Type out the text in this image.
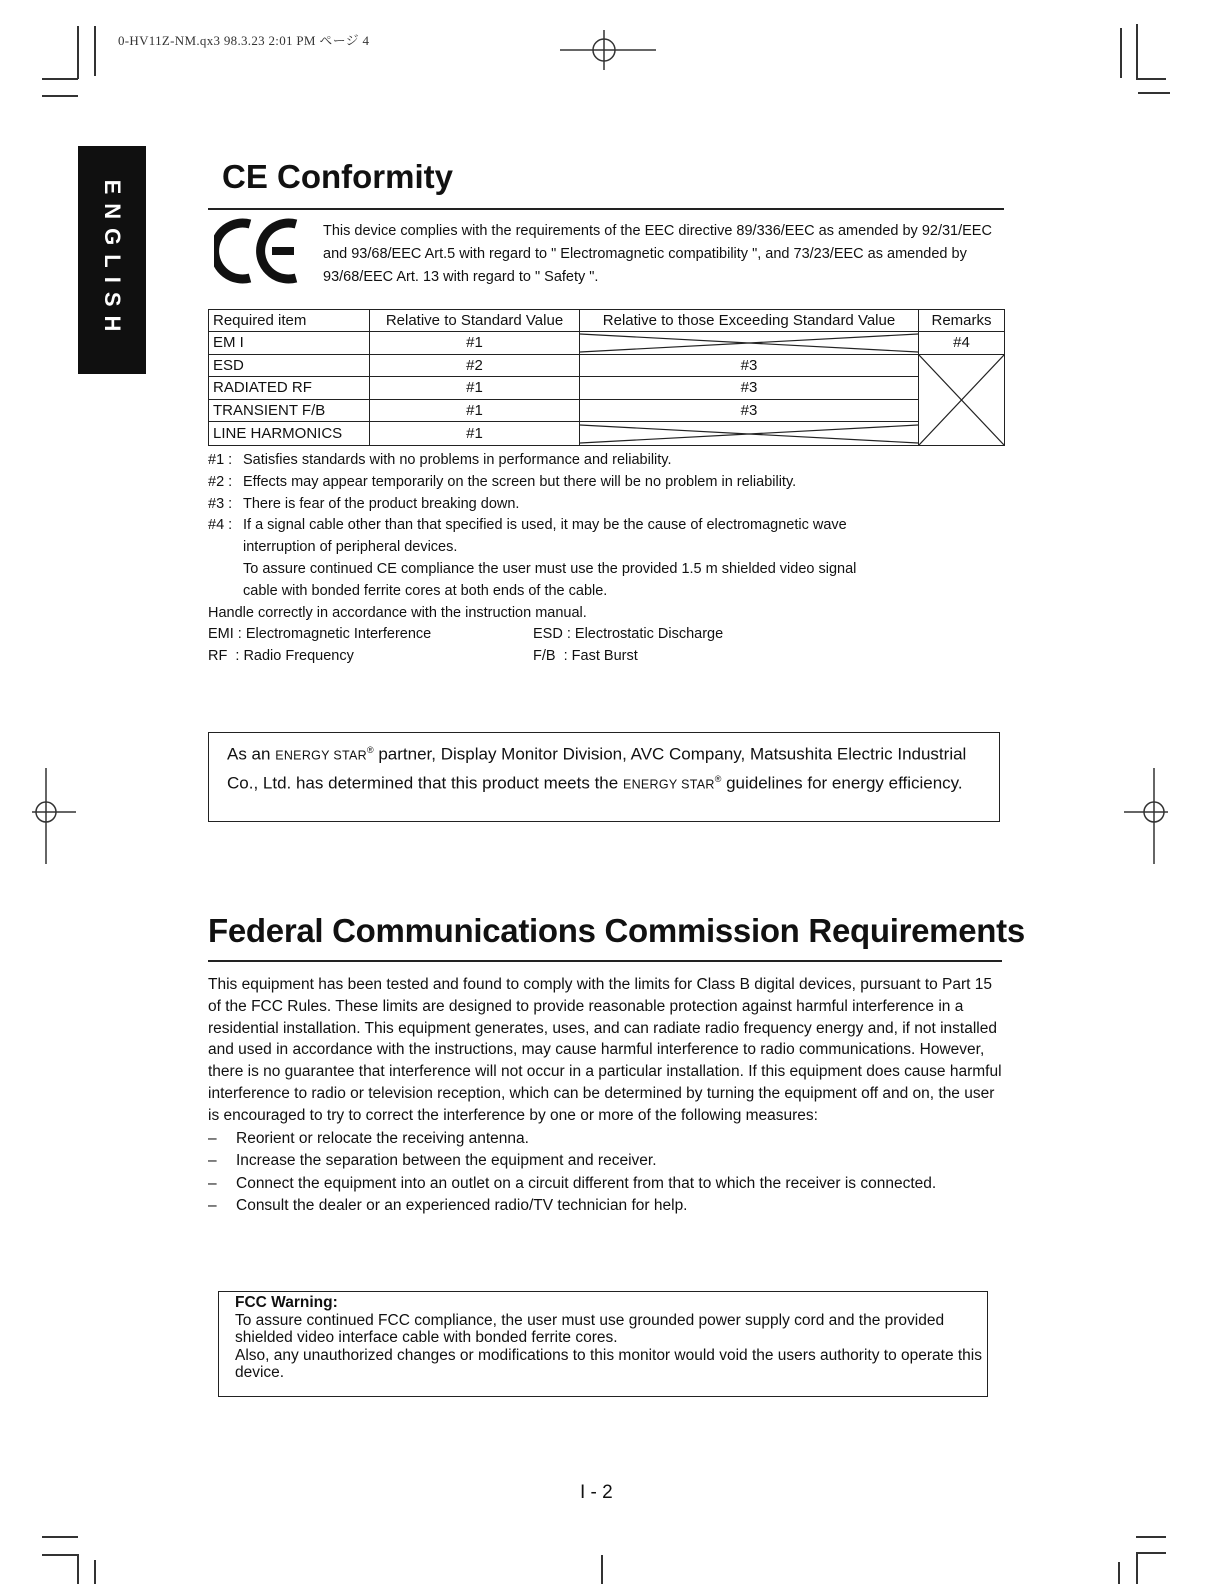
0-HV11Z-NM.qx3 98.3.23 2:01 PM ページ 4
ENGLISH
CE Conformity
This device complies with the requirements of the EEC directive 89/336/EEC as amended by 92/31/EEC and 93/68/EEC Art.5 with regard to " Electromagnetic compatibility ", and 73/23/EEC as amended by 93/68/EEC Art. 13 with regard to " Safety ".
Required item	Relative to Standard Value	Relative to those Exceeding Standard Value	Remarks
EM I	#1		#4
ESD	#2	#3	

RADIATED RF	#1	#3	
TRANSIENT F/B	#1	#3	
LINE HARMONICS	#1	
#1 : Satisfies standards with no problems in performance and reliability.
#2 : Effects may appear temporarily on the screen but there will be no problem in reliability.
#3 : There is fear of the product breaking down.
#4 : If a signal cable other than that specified is used, it may be the cause of electromagnetic wave
interruption of peripheral devices.
To assure continued CE compliance the user must use the provided 1.5 m shielded video signal
cable with bonded ferrite cores at both ends of the cable.
Handle correctly in accordance with the instruction manual.
EMI : Electromagnetic Interference	ESD : Electrostatic Discharge
RF  : Radio Frequency	F/B  : Fast Burst
As an ENERGY STAR® partner, Display Monitor Division, AVC Company, Matsushita Electric Industrial Co., Ltd. has determined that this product meets the ENERGY STAR® guidelines for energy efficiency.
Federal Communications Commission Requirements
This equipment has been tested and found to comply with the limits for Class B digital devices, pursuant to Part 15 of the FCC Rules. These limits are designed to provide reasonable protection against harmful interference in a residential installation. This equipment generates, uses, and can radiate radio frequency energy and, if not installed and used in accordance with the instructions, may cause harmful interference to radio communications. However, there is no guarantee that interference will not occur in a particular installation. If this equipment does cause harmful interference to radio or television reception, which can be determined by turning the equipment off and on, the user is encouraged to try to correct the interference by one or more of the following measures:
–	Reorient or relocate the receiving antenna.
–	Increase the separation between the equipment and receiver.
–	Connect the equipment into an outlet on a circuit different from that to which the receiver is connected.
–	Consult the dealer or an experienced radio/TV technician for help.
FCC Warning:
To assure continued FCC compliance, the user must use grounded power supply cord and the provided shielded video interface cable with bonded ferrite cores.
Also, any unauthorized changes or modifications to this monitor would void the users authority to operate this device.
I - 2
